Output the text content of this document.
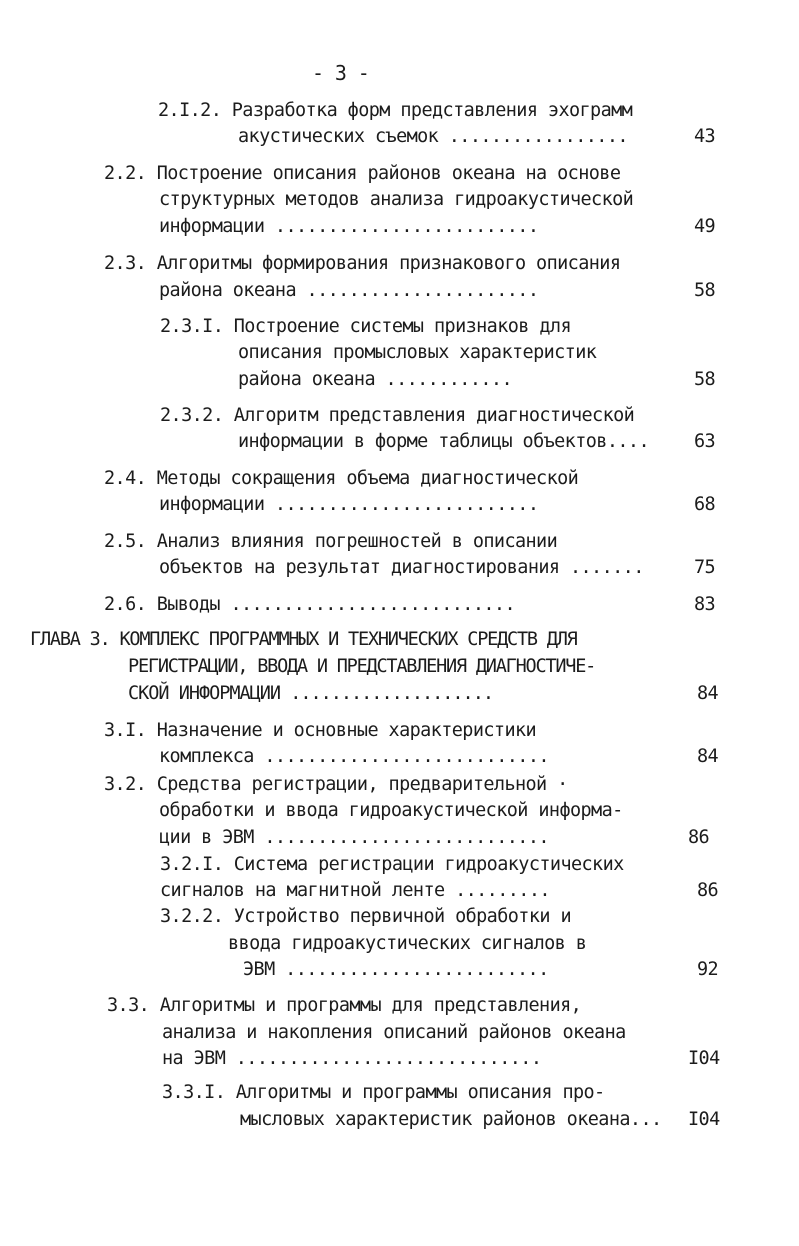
- 3 -
2.I.2. Разработка форм представления эхограмм
акустических съемок .................	43
2.2. Построение описания районов океана на основе
структурных методов анализа гидроакустической
информации .........................	49
2.3. Алгоритмы формирования признакового описания
района океана ......................	58
2.3.I. Построение системы признаков для
описания промысловых характеристик
района океана ............	58
2.3.2. Алгоритм представления диагностической
информации в форме таблицы объектов.... 63
2.4. Методы сокращения объема диагностической
информации .........................	68
2.5. Анализ влияния погрешностей в описании
объектов на результат диагностирования .......	75
2.6. Выводы ...........................	83
ГЛАВА 3. КОМПЛЕКС ПРОГРАММНЫХ И ТЕХНИЧЕСКИХ СРЕДСТВ ДЛЯ
РЕГИСТРАЦИИ, ВВОДА И ПРЕДСТАВЛЕНИЯ ДИАГНОСТИЧЕ-
СКОЙ ИНФОРМАЦИИ ....................	84
3.I. Назначение и основные характеристики
комплекса ...........................	84
3.2. Средства регистрации, предварительной ·
обработки и ввода гидроакустической информа-
ции в ЭВМ ...........................	86
3.2.I. Система регистрации гидроакустических
сигналов на магнитной ленте .........	86
3.2.2. Устройство первичной обработки и
ввода гидроакустических сигналов в
ЭВМ .........................	92
3.3. Алгоритмы и программы для представления,
анализа и накопления описаний районов океана
на ЭВМ .............................	I04
3.3.I. Алгоритмы и программы описания про-
мысловых характеристик районов океана... I04
